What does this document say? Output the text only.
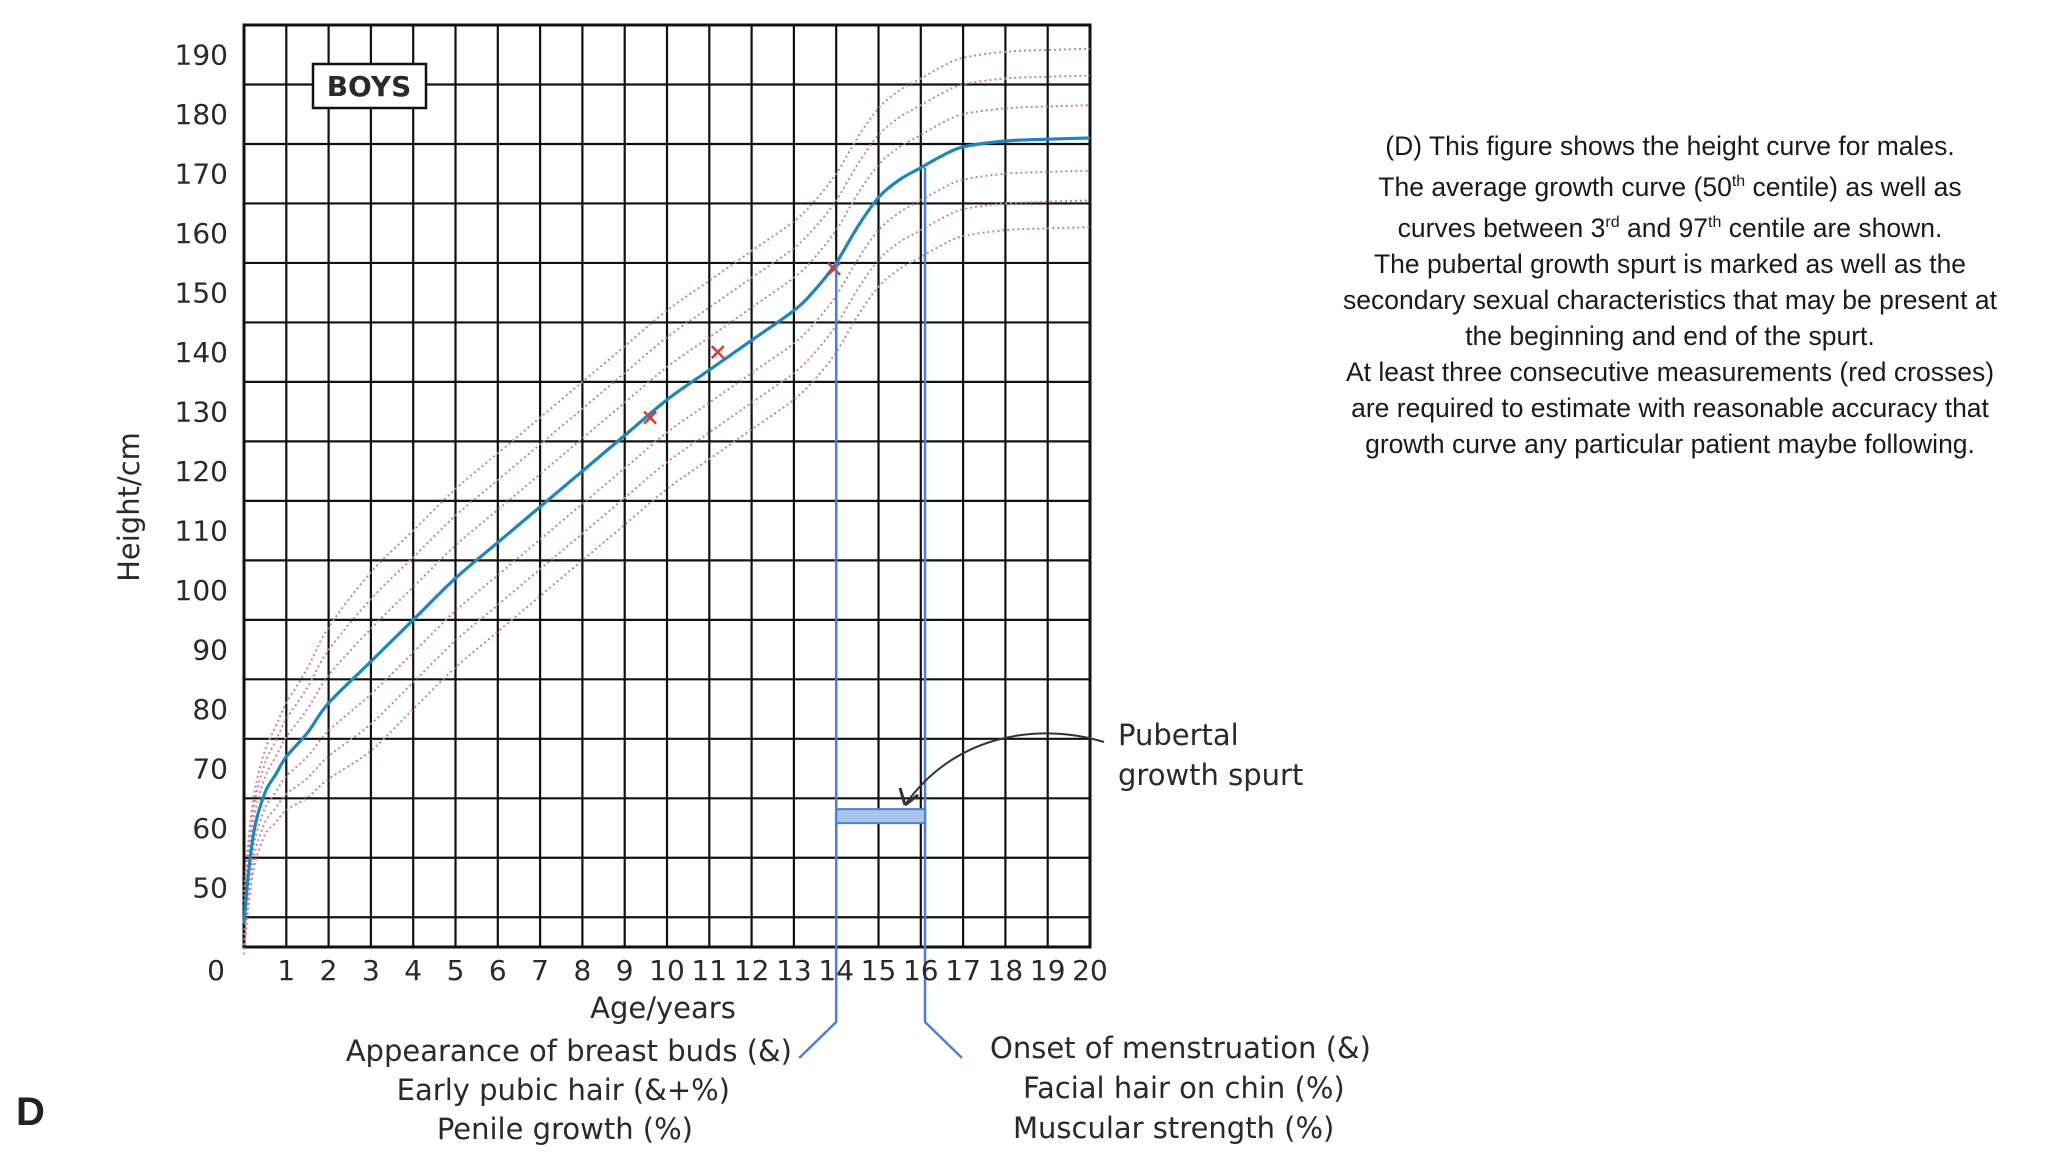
0 1 2 3 4 5 6 7 8 9 10 11 12 13 14 15 16 17 18 19 20
50
60
70
80
90
100
110
120
130
140
150
160
170
180
190
BOYS
Age/years
Height/cm
Pubertal
growth spurt
Appearance of breast buds (&)
Early pubic hair (&+%)
Penile growth (%)
Onset of menstruation (&)
Facial hair on chin (%)
Muscular strength (%)

(D) This figure shows the height curve for males.

The average growth curve (50th centile) as well as

curves between 3rd and 97th centile are shown.

The pubertal growth spurt is marked as well as the

secondary sexual characteristics that may be present at

the beginning and end of the spurt.

At least three consecutive measurements (red crosses)

are required to estimate with reasonable accuracy that

growth curve any particular patient maybe following.

D
